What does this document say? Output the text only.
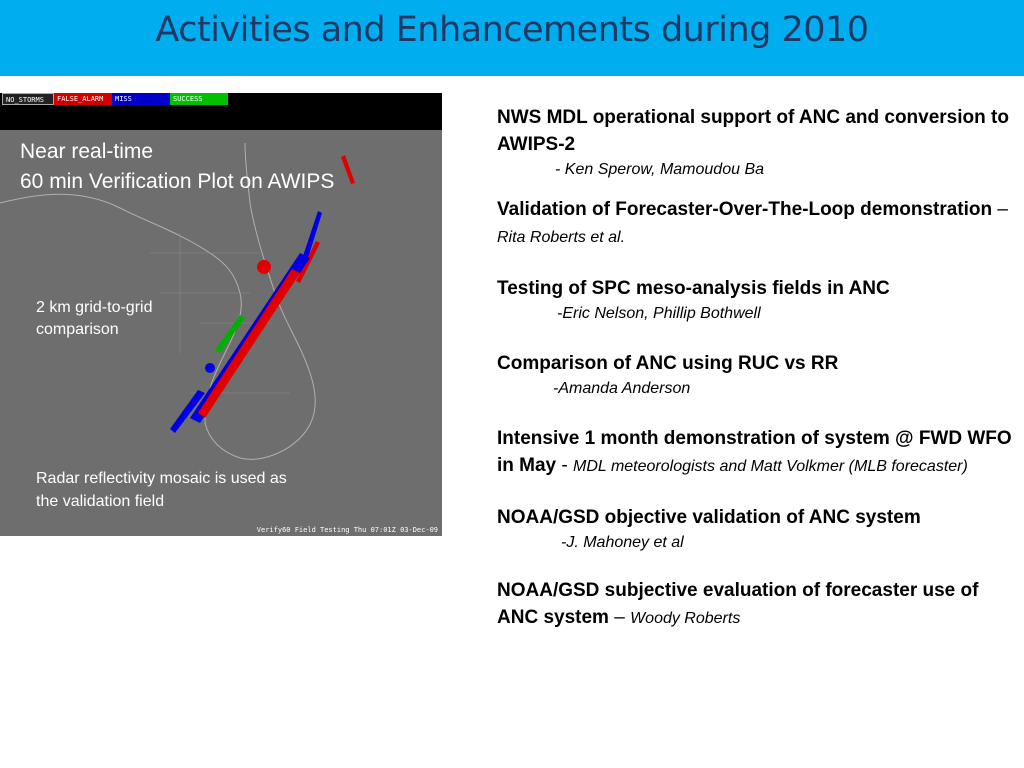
Activities and Enhancements during 2010
NO_STORMS	FALSE_ALARM	MISS	SUCCESS
Near real-time
60 min Verification Plot on AWIPS
2 km grid-to-grid
comparison
Radar reflectivity mosaic is used as
the validation field
Verify60 Field Testing Thu 07:01Z 03-Dec-09
NWS MDL operational support of ANC and conversion to AWIPS-2
- Ken Sperow, Mamoudou Ba
Validation of Forecaster-Over-The-Loop demonstration – Rita Roberts et al.
Testing of SPC meso-analysis fields in ANC
-Eric Nelson, Phillip Bothwell
Comparison of ANC using RUC vs RR
-Amanda Anderson
Intensive 1 month demonstration of system @ FWD WFO in May - MDL meteorologists and Matt Volkmer (MLB forecaster)
NOAA/GSD objective validation of ANC system
-J. Mahoney et al
NOAA/GSD subjective evaluation of forecaster use of ANC system – Woody Roberts
